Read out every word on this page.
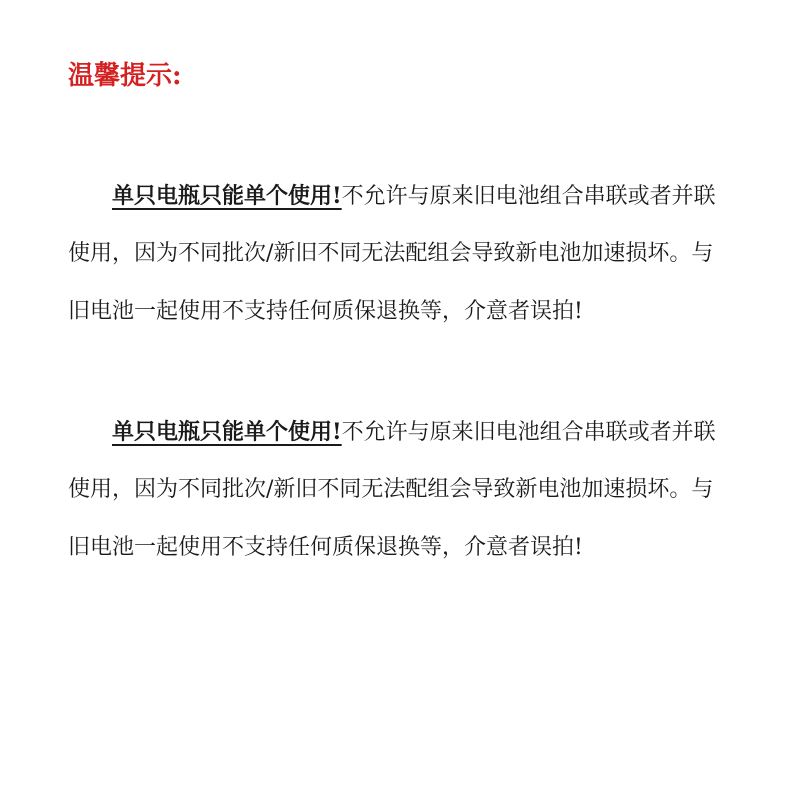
温馨提示:
单只电瓶只能单个使用!不允许与原来旧电池组合串联或者并联
使用，因为不同批次/新旧不同无法配组会导致新电池加速损坏。与
旧电池一起使用不支持任何质保退换等，介意者误拍!
单只电瓶只能单个使用!不允许与原来旧电池组合串联或者并联
使用，因为不同批次/新旧不同无法配组会导致新电池加速损坏。与
旧电池一起使用不支持任何质保退换等，介意者误拍!
